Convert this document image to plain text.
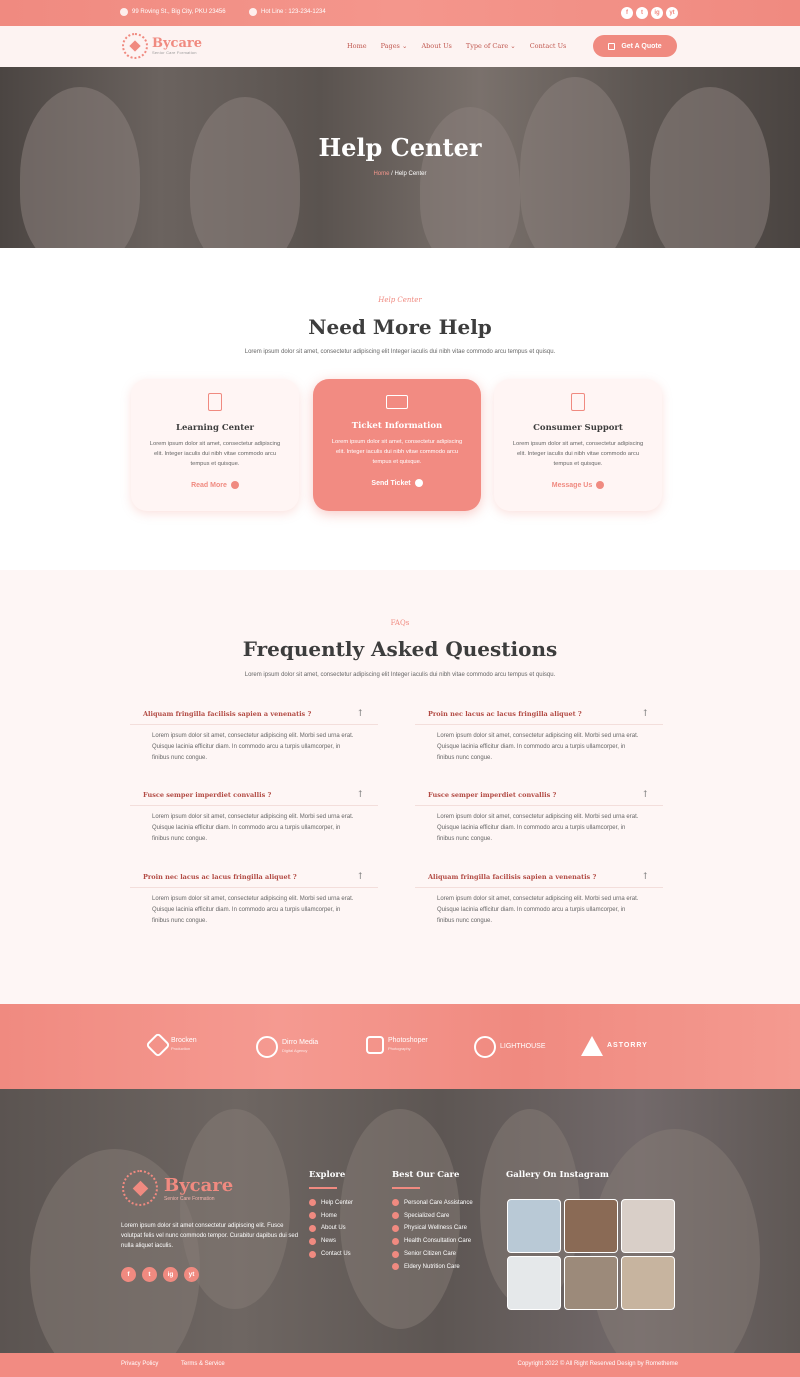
99 Roving St., Big City, PKU 23456	Hot Line : 123-234-1234	f	t	ig	yt
Bycare
Senior Care Formation
Home Pages ⌄ About Us Type of Care ⌄ Contact Us	Get A Quote
Help Center
Home / Help Center
Help Center
Need More Help
Lorem ipsum dolor sit amet, consectetur adipiscing elit Integer iaculis dui nibh vitae commodo arcu tempus et quisqu.
Learning Center

Lorem ipsum dolor sit amet, consectetur adipiscing elit. Integer iaculis dui nibh vitae commodo arcu tempus et quisque.

Read More
Ticket Information

Lorem ipsum dolor sit amet, consectetur adipiscing elit. Integer iaculis dui nibh vitae commodo arcu tempus et quisque.

Send Ticket
Consumer Support

Lorem ipsum dolor sit amet, consectetur adipiscing elit. Integer iaculis dui nibh vitae commodo arcu tempus et quisque.

Message Us
FAQs
Frequently Asked Questions
Lorem ipsum dolor sit amet, consectetur adipiscing elit Integer iaculis dui nibh vitae commodo arcu tempus et quisqu.
Aliquam fringilla facilisis sapien a venenatis ?	↑
Lorem ipsum dolor sit amet, consectetur adipiscing elit. Morbi sed urna erat. Quisque lacinia efficitur diam. In commodo arcu a turpis ullamcorper, in finibus nunc congue.
Proin nec lacus ac lacus fringilla aliquet ?	↑
Lorem ipsum dolor sit amet, consectetur adipiscing elit. Morbi sed urna erat. Quisque lacinia efficitur diam. In commodo arcu a turpis ullamcorper, in finibus nunc congue.
Fusce semper imperdiet convallis ?	↑
Lorem ipsum dolor sit amet, consectetur adipiscing elit. Morbi sed urna erat. Quisque lacinia efficitur diam. In commodo arcu a turpis ullamcorper, in finibus nunc congue.
Fusce semper imperdiet convallis ?	↑
Lorem ipsum dolor sit amet, consectetur adipiscing elit. Morbi sed urna erat. Quisque lacinia efficitur diam. In commodo arcu a turpis ullamcorper, in finibus nunc congue.
Proin nec lacus ac lacus fringilla aliquet ?	↑
Lorem ipsum dolor sit amet, consectetur adipiscing elit. Morbi sed urna erat. Quisque lacinia efficitur diam. In commodo arcu a turpis ullamcorper, in finibus nunc congue.
Aliquam fringilla facilisis sapien a venenatis ?	↑
Lorem ipsum dolor sit amet, consectetur adipiscing elit. Morbi sed urna erat. Quisque lacinia efficitur diam. In commodo arcu a turpis ullamcorper, in finibus nunc congue.
Brocken
Production
Dirro Media
Digital Agency
Photoshoper
Photography	LIGHTHOUSE	ASTORRY
Bycare
Senior Care Formation
Lorem ipsum dolor sit amet consectetur adipiscing elit. Fusce volutpat felis vel nunc commodo tempor. Curabitur dapibus dui sed nulla aliquet iaculis.
f	t	ig	yt
Explore
Help Center
Home
About Us
News
Contact Us
Best Our Care
Personal Care Assistance
Specialized Care
Physical Wellness Care
Health Consultation Care
Senior Citizen Care
Eldery Nutrition Care
Gallery On Instagram
Privacy Policy	Terms & Service	Copyright 2022 © All Right Reserved Design by Rometheme
